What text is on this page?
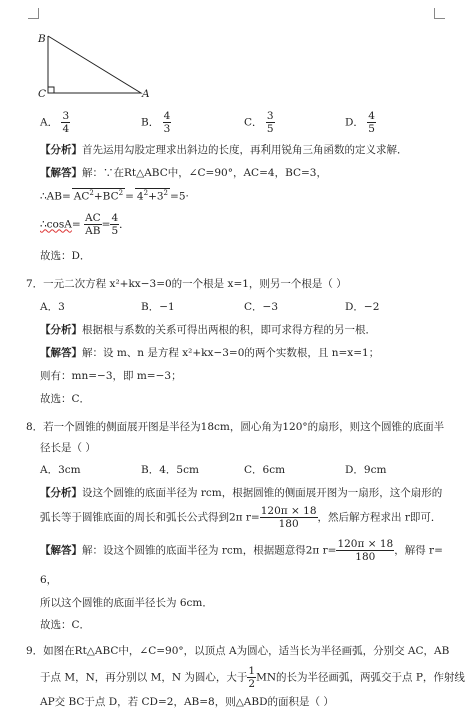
B
C	A
A． $\frac{3}{4}$	B． $\frac{4}{3}$	C． $\frac{3}{5}$	D． $\frac{4}{5}$
【分析】首先运用勾股定理求出斜边的长度，再利用锐角三角函数的定义求解．
【解答】解：∵在Rt△ABC中，∠C=90°，AC=4，BC=3，
∴AB= $AC^2+BC^2 = 4^2+3^2 =5\cdot$
∴cosA= $\frac{AC}{AB} = \frac{4}{5}$ ．
故选：D．
7．一元二次方程 x²+kx−3=0的一个根是 x=1，则另一个根是（ ）
A．3	B．−1	C．−3	D．−2
【分析】根据根与系数的关系可得出两根的积，即可求得方程的另一根．
【解答】解：设 m、n 是方程 x²+kx−3=0的两个实数根，且 n=x=1；
则有：mn=−3，即 m=−3；
故选：C．
8．若一个圆锥的侧面展开图是半径为18cm，圆心角为120°的扇形，则这个圆锥的底面半
径长是（ ）
A．3cm	B．4．5cm	C．6cm	D．9cm
【分析】设这个圆锥的底面半径为 rcm，根据圆锥的侧面展开图为一扇形，这个扇形的
弧长等于圆锥底面的周长和弧长公式得到2π $r= \frac{120\pi \times 18}{180}$ ，然后解方程求出 r即可．
【解答】解：设这个圆锥的底面半径为 rcm，根据题意得2π $r= \frac{120\pi \times 18}{180}$ ，解得 r=
6，
所以这个圆锥的底面半径长为 6cm．
故选：C．
9．如图在Rt△ABC中，∠C=90°，以顶点 A为圆心，适当长为半径画弧，分别交 AC，AB
于点 M，N，再分别以 M，N 为圆心，大于 $\frac{1}{2}$ MN的长为半径画弧，两弧交于点 P，作射线
AP交 BC于点 D，若 CD=2，AB=8，则△ABD的面积是（ ）
